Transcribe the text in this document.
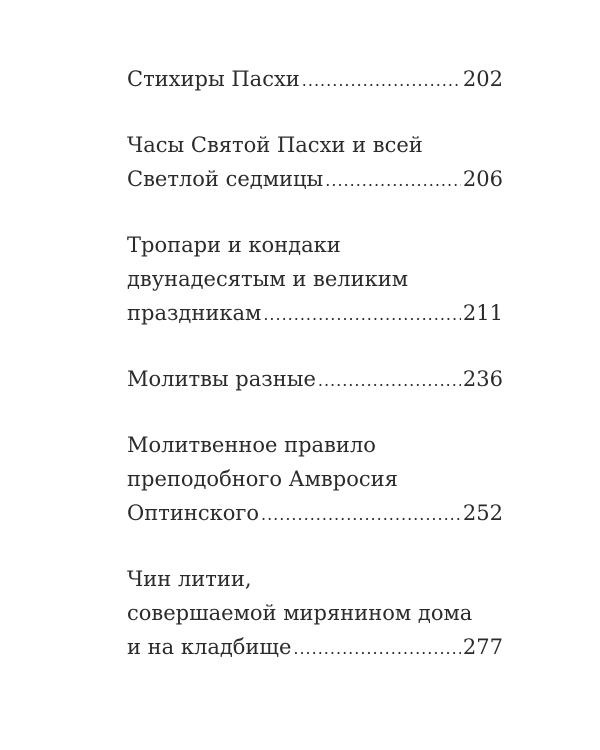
Стихиры Пасхи .....	202
Часы Святой Пасхи и всей
Светлой седмицы .....	206
Тропари и кондаки
двунадесятым и великим
праздникам .....	211
Молитвы разные .....	236
Молитвенное правило
преподобного Амвросия
Оптинского .....	252
Чин литии,
совершаемой мирянином дома
и на кладбище .....	277
